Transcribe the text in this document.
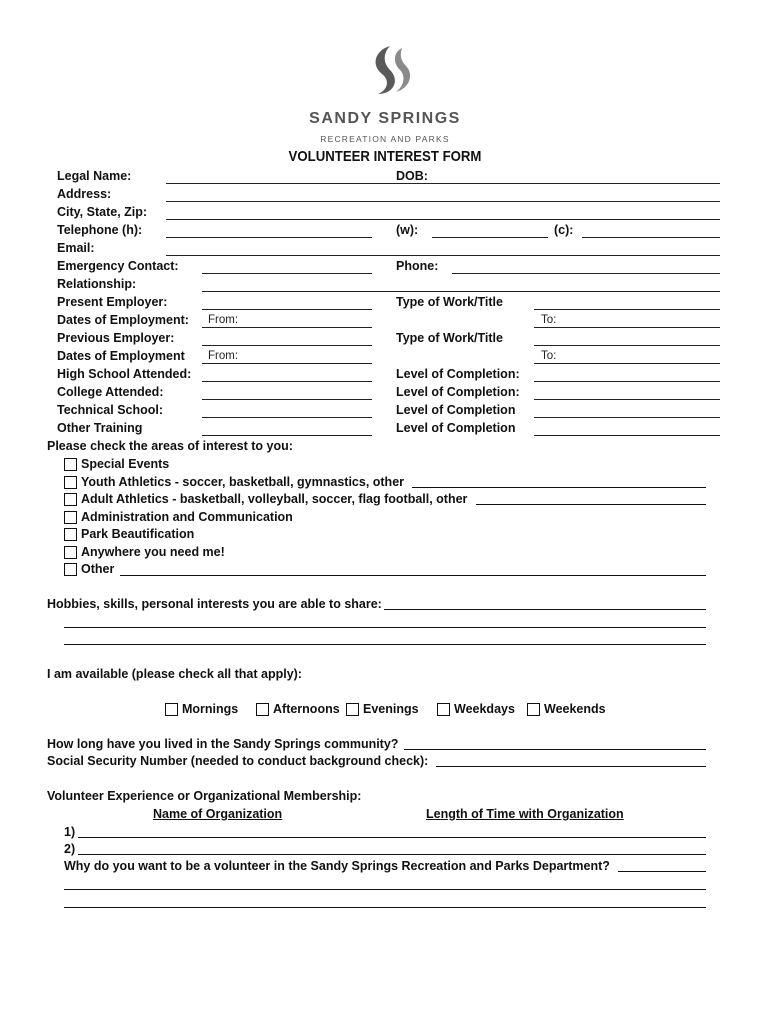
SANDY SPRINGS
RECREATION AND PARKS
VOLUNTEER INTEREST FORM
Legal Name:	DOB:
Address:
City, State, Zip:
Telephone (h):	(w):	(c):
Email:
Emergency Contact:	Phone:
Relationship:
Present Employer:	Type of Work/Title
Dates of Employment: From:	To:
Previous Employer:	Type of Work/Title
Dates of Employment From:	To:
High School Attended:	Level of Completion:
College Attended:	Level of Completion:
Technical School:	Level of Completion
Other Training	Level of Completion
Please check the areas of interest to you:
Special Events
Youth Athletics - soccer, basketball, gymnastics, other
Adult Athletics - basketball, volleyball, soccer, flag football, other
Administration and Communication
Park Beautification
Anywhere you need me!
Other
Hobbies, skills, personal interests you are able to share:
I am available (please check all that apply):
Mornings	Afternoons Evenings	Weekdays Weekends
How long have you lived in the Sandy Springs community?
Social Security Number (needed to conduct background check):
Volunteer Experience or Organizational Membership:
Name of Organization	Length of Time with Organization
1)
2)
Why do you want to be a volunteer in the Sandy Springs Recreation and Parks Department?
